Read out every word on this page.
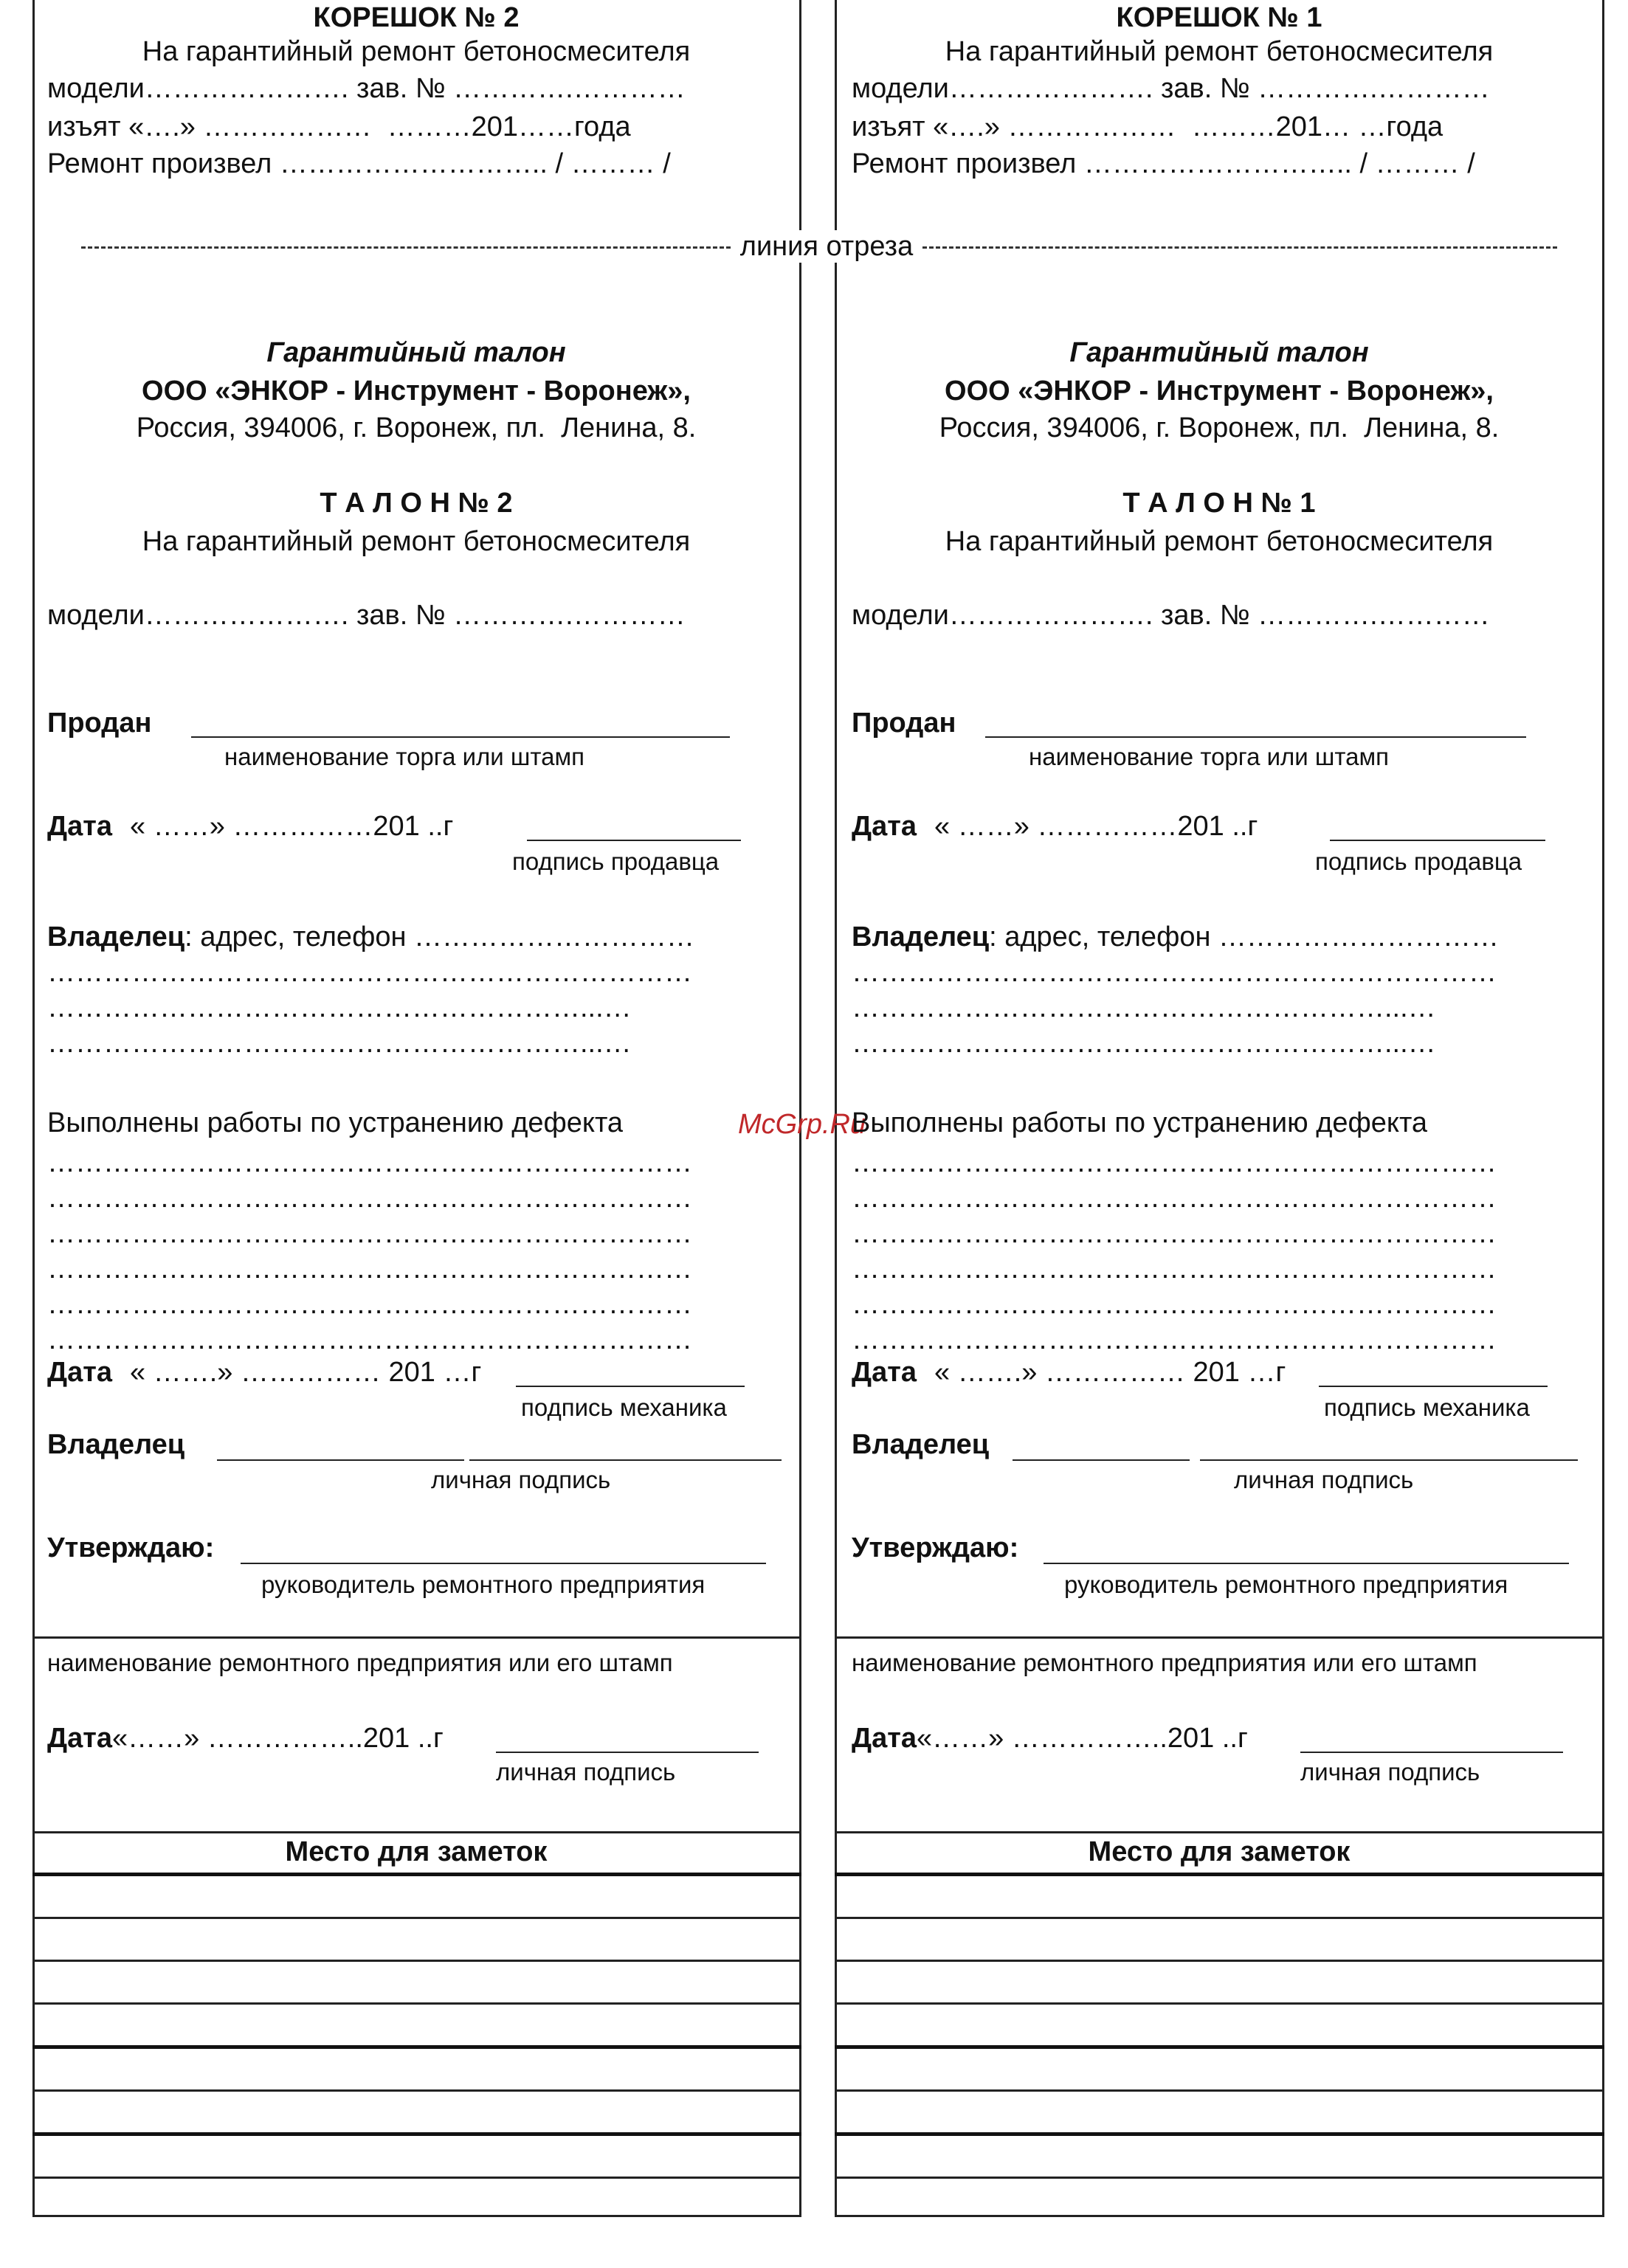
линия отреза
McGrp.Ru
КОРЕШОК № 2
На гарантийный ремонт бетоносмесителя
модели…………………. зав. № ………….…………
изъят «….» ………………  ………201……года
Ремонт произвел ……………………….. / ……… /
Гарантийный талон
ООО «ЭНКОР - Инструмент - Воронеж»,
Россия, 394006, г. Воронеж, пл.  Ленина, 8.
Т А Л О Н № 2
На гарантийный ремонт бетоносмесителя
модели…………………. зав. № ………….…………
Продан
наименование торга или штамп
Дата « ……» ……………201 ..г
подпись продавца
Владелец: адрес, телефон …………………………
……………………………………………………………
…………………………………………………...…
…………………………………………………...…
Выполнены работы по устранению дефекта
……………………………………………………………
……………………………………………………………
……………………………………………………………
……………………………………………………………
……………………………………………………………
……………………………………………………………
Дата « …….» …………… 201 …г
подпись механика
Владелец
личная подпись
Утверждаю:
руководитель ремонтного предприятия
наименование ремонтного предприятия или его штамп
Дата«……» ……………..201 ..г
личная подпись
Место для заметок
КОРЕШОК № 1
На гарантийный ремонт бетоносмесителя
модели…………………. зав. № ………….…………
изъят «….» ………………  ………201… …года
Ремонт произвел ……………………….. / ……… /
Гарантийный талон
ООО «ЭНКОР - Инструмент - Воронеж»,
Россия, 394006, г. Воронеж, пл.  Ленина, 8.
Т А Л О Н № 1
На гарантийный ремонт бетоносмесителя
модели…………………. зав. № ………….…………
Продан
наименование торга или штамп
Дата « ……» ……………201 ..г
подпись продавца
Владелец: адрес, телефон …………………………
……………………………………………………………
…………………………………………………...…
…………………………………………………...…
Выполнены работы по устранению дефекта
……………………………………………………………
……………………………………………………………
……………………………………………………………
……………………………………………………………
……………………………………………………………
……………………………………………………………
Дата « …….» …………… 201 …г
подпись механика
Владелец
личная подпись
Утверждаю:
руководитель ремонтного предприятия
наименование ремонтного предприятия или его штамп
Дата«……» ……………..201 ..г
личная подпись
Место для заметок
